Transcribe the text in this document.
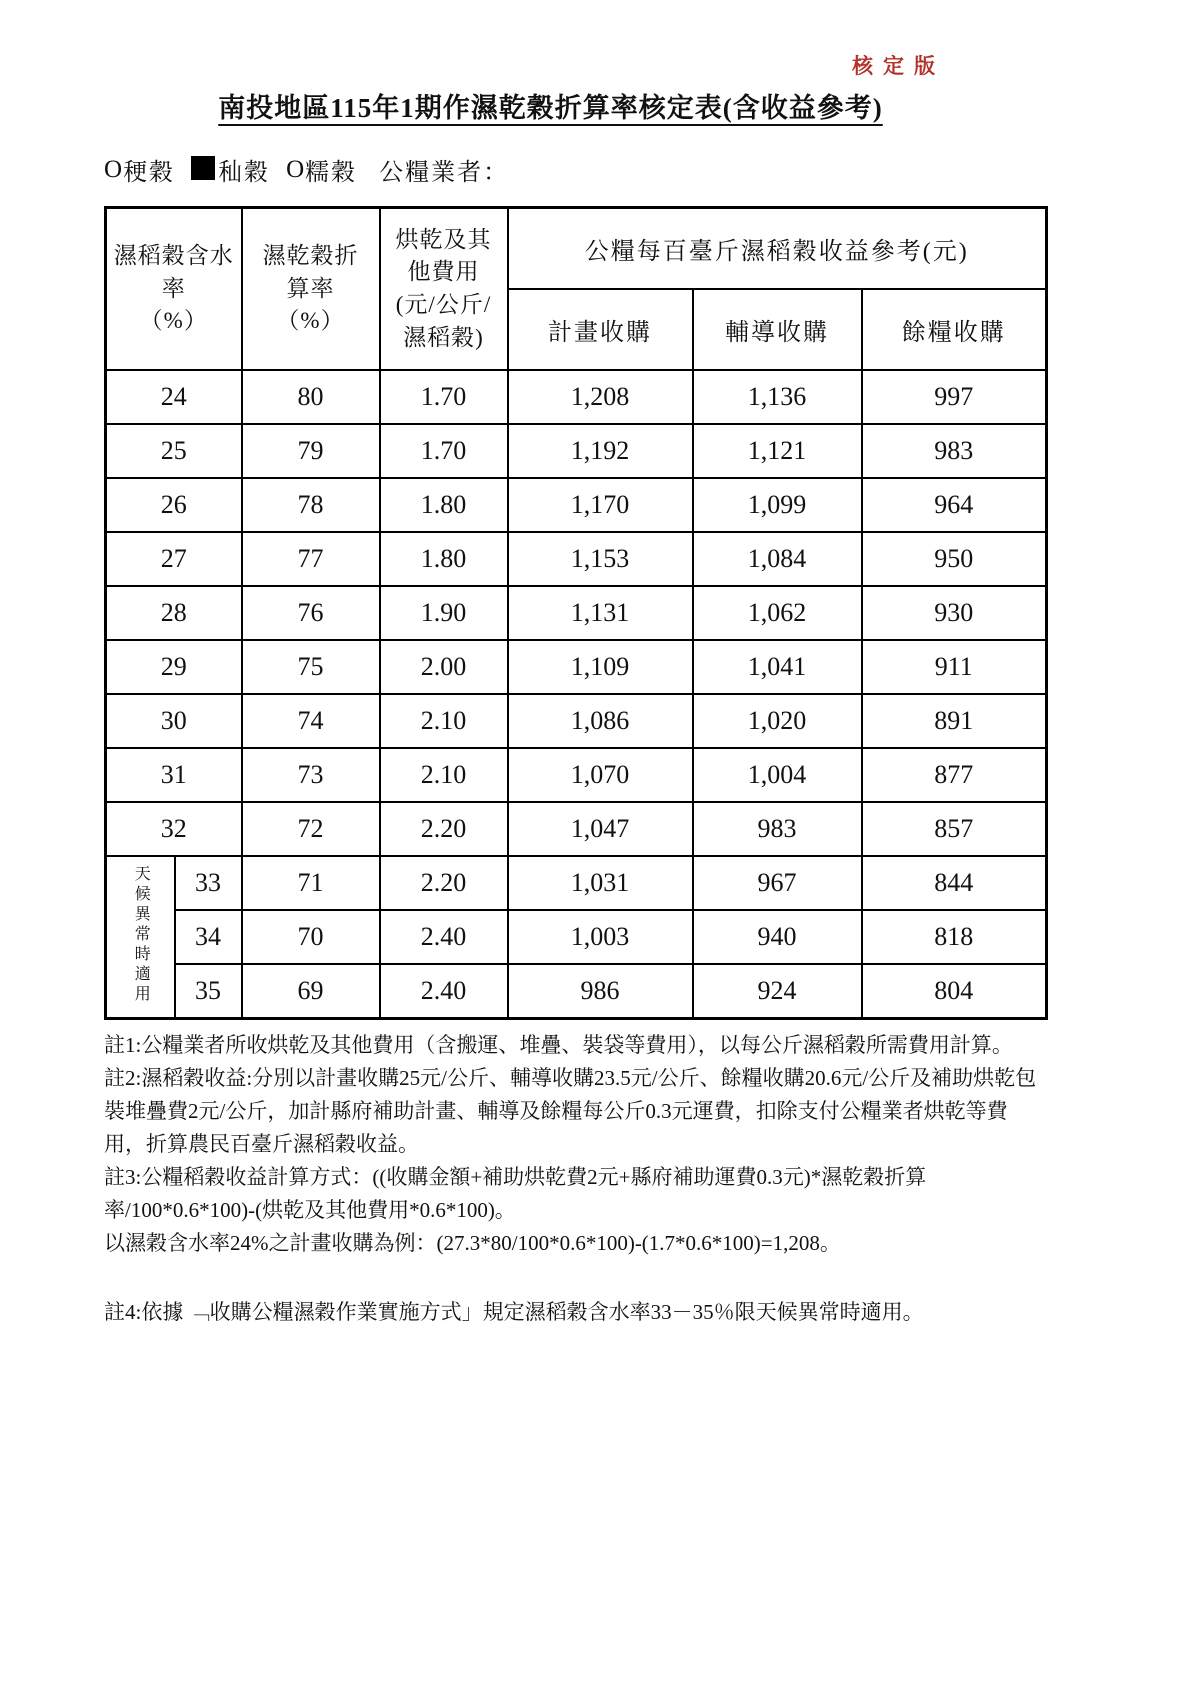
核定版
南投地區115年1期作濕乾穀折算率核定表(含收益參考)
O 稉穀 秈穀 O 糯穀 公糧業者：
濕稻穀含水
率
（%）		濕乾穀折
算率
（%）	烘乾及其
他費用
(元/公斤/
濕稻穀)	公糧每百臺斤濕稻穀收益參考(元)		
				計畫收購	輔導收購	餘糧收購
24		80	1.70	1,208	1,136	997
25		79	1.70	1,192	1,121	983
26		78	1.80	1,170	1,099	964
27		77	1.80	1,153	1,084	950
28		76	1.90	1,131	1,062	930
29		75	2.00	1,109	1,041	911
30		74	2.10	1,086	1,020	891
31		73	2.10	1,070	1,004	877
32		72	2.20	1,047	983	857
天候異常時適用	33	71	2.20	1,031	967	844
	34	70	2.40	1,003	940	818
	35	69	2.40	986	924	804

註1:公糧業者所收烘乾及其他費用（含搬運、堆疊、裝袋等費用），以每公斤濕稻穀所需費用計算。

註2:濕稻穀收益:分別以計畫收購25元/公斤、輔導收購23.5元/公斤、餘糧收購20.6元/公斤及補助烘乾包裝堆疊費2元/公斤，加計縣府補助計畫、輔導及餘糧每公斤0.3元運費，扣除支付公糧業者烘乾等費用，折算農民百臺斤濕稻穀收益。

註3:公糧稻穀收益計算方式：((收購金額+補助烘乾費2元+縣府補助運費0.3元)*濕乾穀折算率/100*0.6*100)-(烘乾及其他費用*0.6*100)。

以濕穀含水率24%之計畫收購為例：(27.3*80/100*0.6*100)-(1.7*0.6*100)=1,208。

註4:依據 ﹁收購公糧濕穀作業實施方式」規定濕稻穀含水率33－35％限天候異常時適用。
